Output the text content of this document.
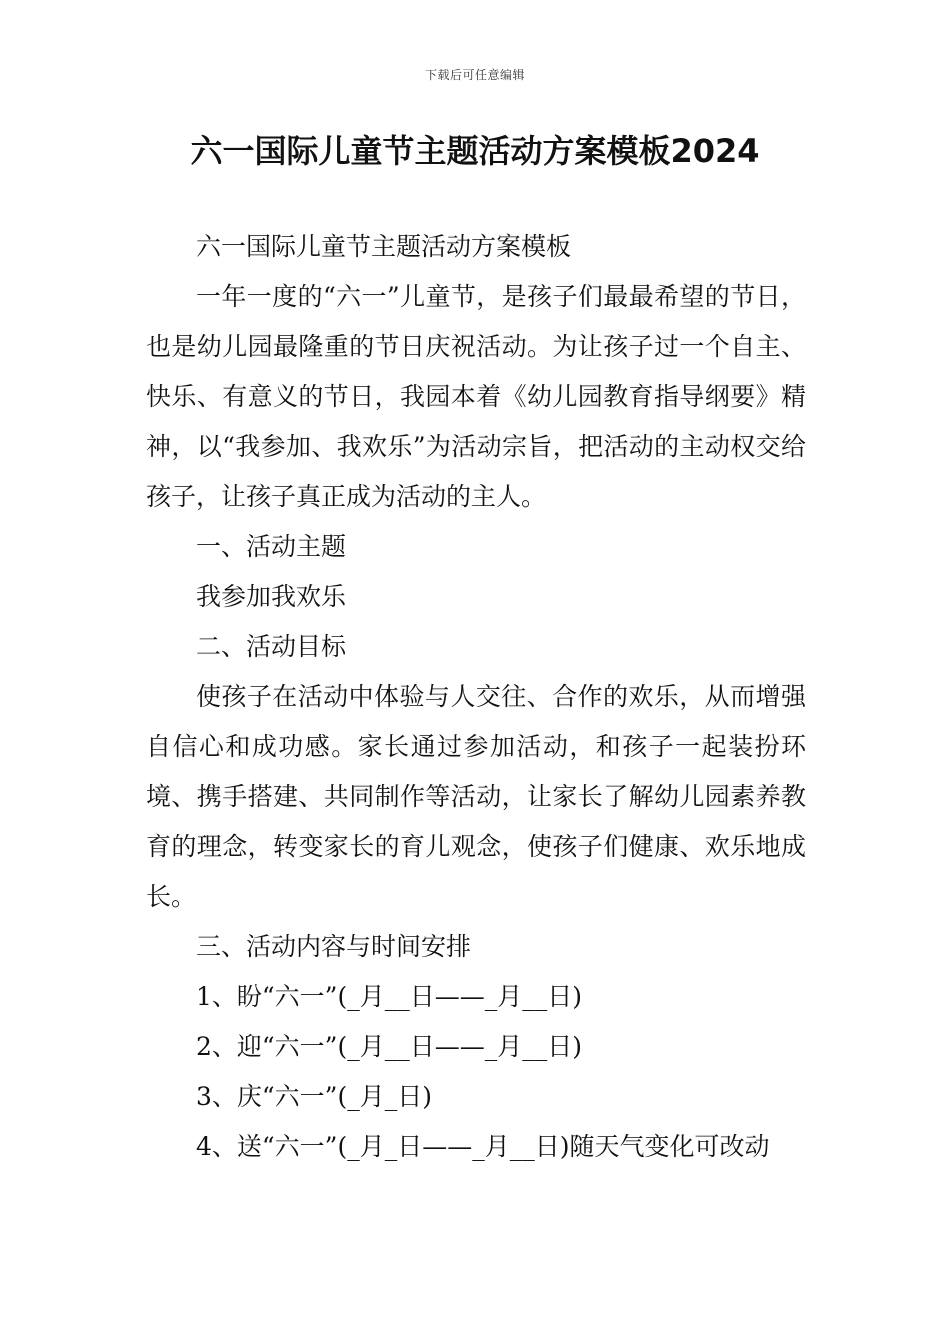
下载后可任意编辑
六一国际儿童节主题活动方案模板2024

六一国际儿童节主题活动方案模板

一年一度的“六一”儿童节，是孩子们最最希望的节日，也是幼儿园最隆重的节日庆祝活动。为让孩子过一个自主、快乐、有意义的节日，我园本着《幼儿园教育指导纲要》精神，以“我参加、我欢乐”为活动宗旨，把活动的主动权交给孩子，让孩子真正成为活动的主人。

一、活动主题

我参加我欢乐

二、活动目标

使孩子在活动中体验与人交往、合作的欢乐，从而增强自信心和成功感。家长通过参加活动，和孩子一起装扮环境、携手搭建、共同制作等活动，让家长了解幼儿园素养教育的理念，转变家长的育儿观念，使孩子们健康、欢乐地成长。

三、活动内容与时间安排

1、盼“六一”(_月__日——_月__日)

2、迎“六一”(_月__日——_月__日)

3、庆“六一”(_月_日)

4、送“六一”(_月_日——_月__日)随天气变化可改动
